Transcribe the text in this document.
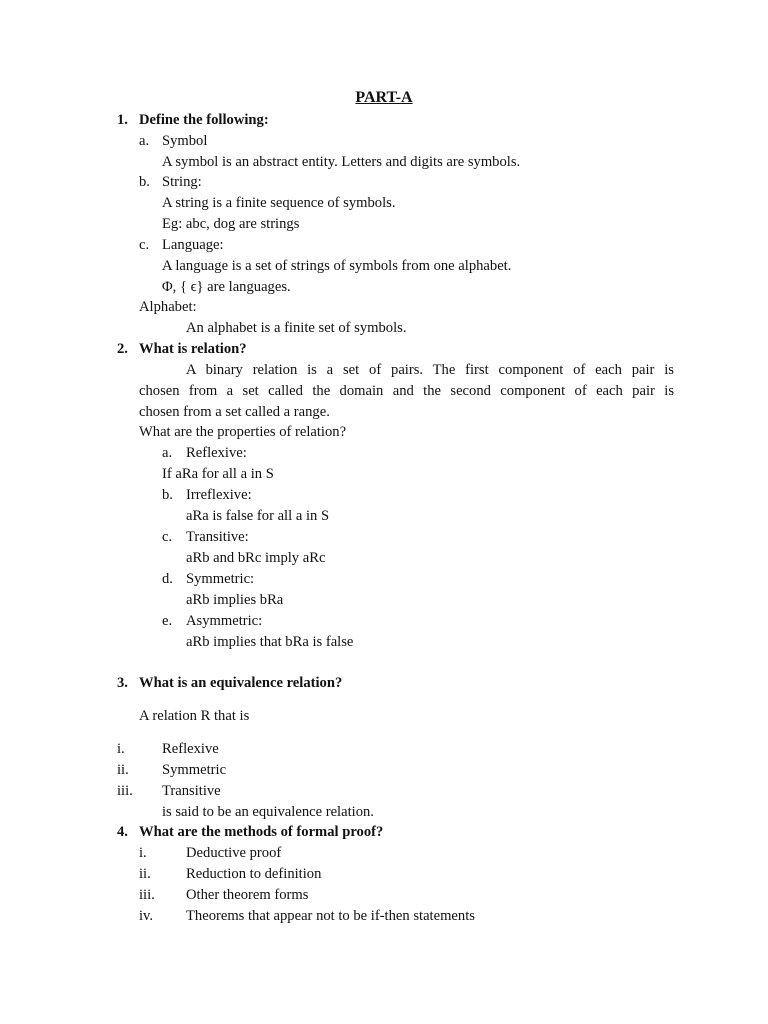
PART-A
1. Define the following:
a. Symbol
A symbol is an abstract entity. Letters and digits are symbols.
b. String:
A string is a finite sequence of symbols.
Eg: abc, dog are strings
c. Language:
A language is a set of strings of symbols from one alphabet.
Φ, { ϵ} are languages.
Alphabet:
An alphabet is a finite set of symbols.
2. What is relation?
A binary relation is a set of pairs. The first component of each pair is
chosen from a set called the domain and the second component of each pair is
chosen from a set called a range.
What are the properties of relation?
a. Reflexive:
If aRa for all a in S
b. Irreflexive:
aRa is false for all a in S
c. Transitive:
aRb and bRc imply aRc
d. Symmetric:
aRb implies bRa
e. Asymmetric:
aRb implies that bRa is false
3. What is an equivalence relation?
A relation R that is
i.	Reflexive
ii. Symmetric
iii. Transitive
is said to be an equivalence relation.
4. What are the methods of formal proof?
i.	Deductive proof
ii. Reduction to definition
iii. Other theorem forms
iv. Theorems that appear not to be if-then statements
